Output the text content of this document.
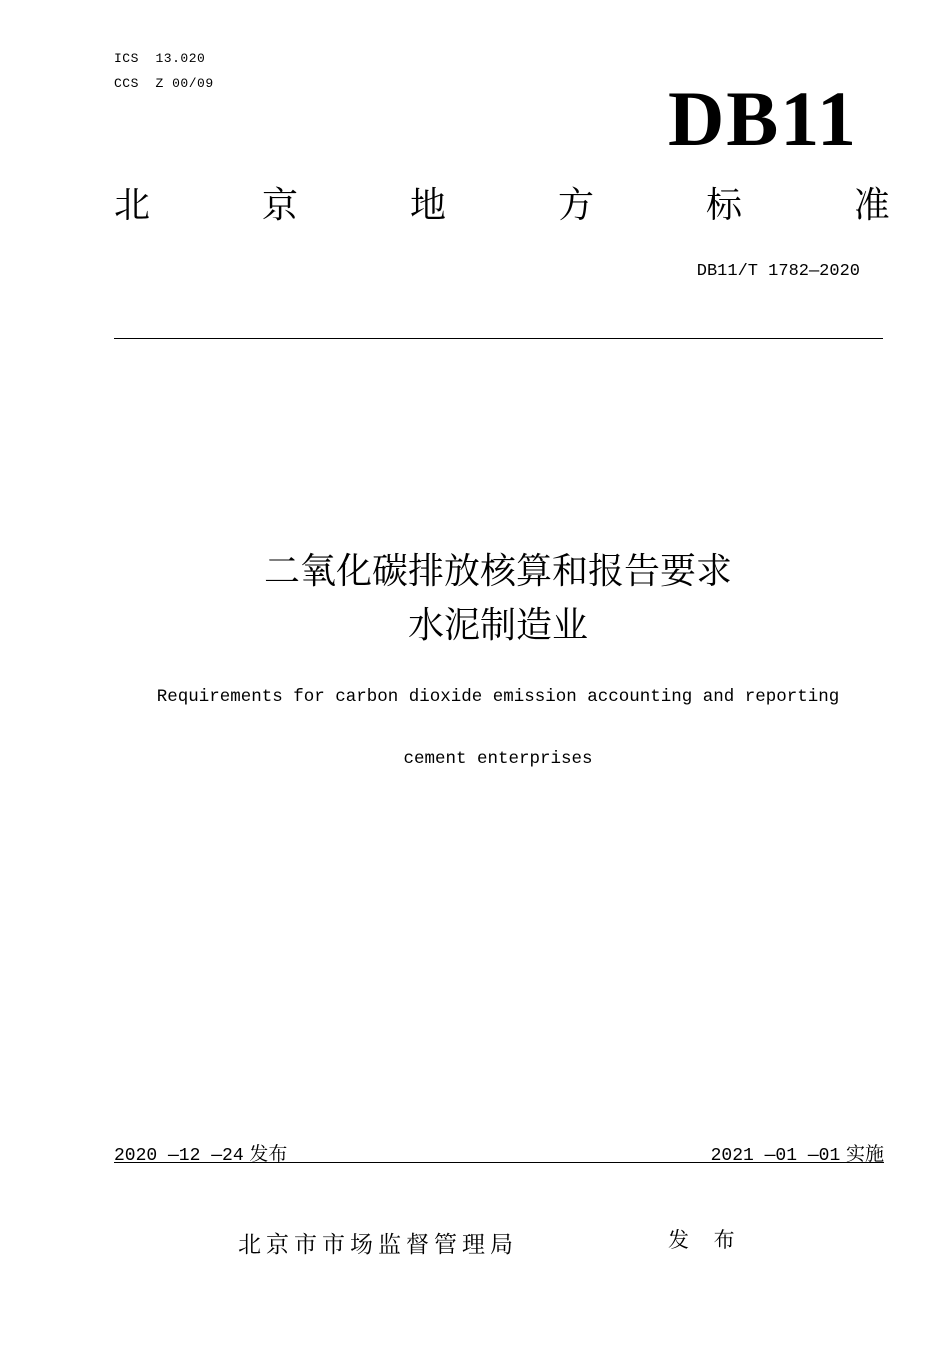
ICS  13.020
CCS  Z 00/09	DB11
北	京	地	方	标	准
DB11/T 1782—2020
二氧化碳排放核算和报告要求
水泥制造业
Requirements for carbon dioxide emission accounting and reporting
cement enterprises
2020 —12 —24 发布	2021 —01 —01 实施
北京市市场监督管理局	发 布
